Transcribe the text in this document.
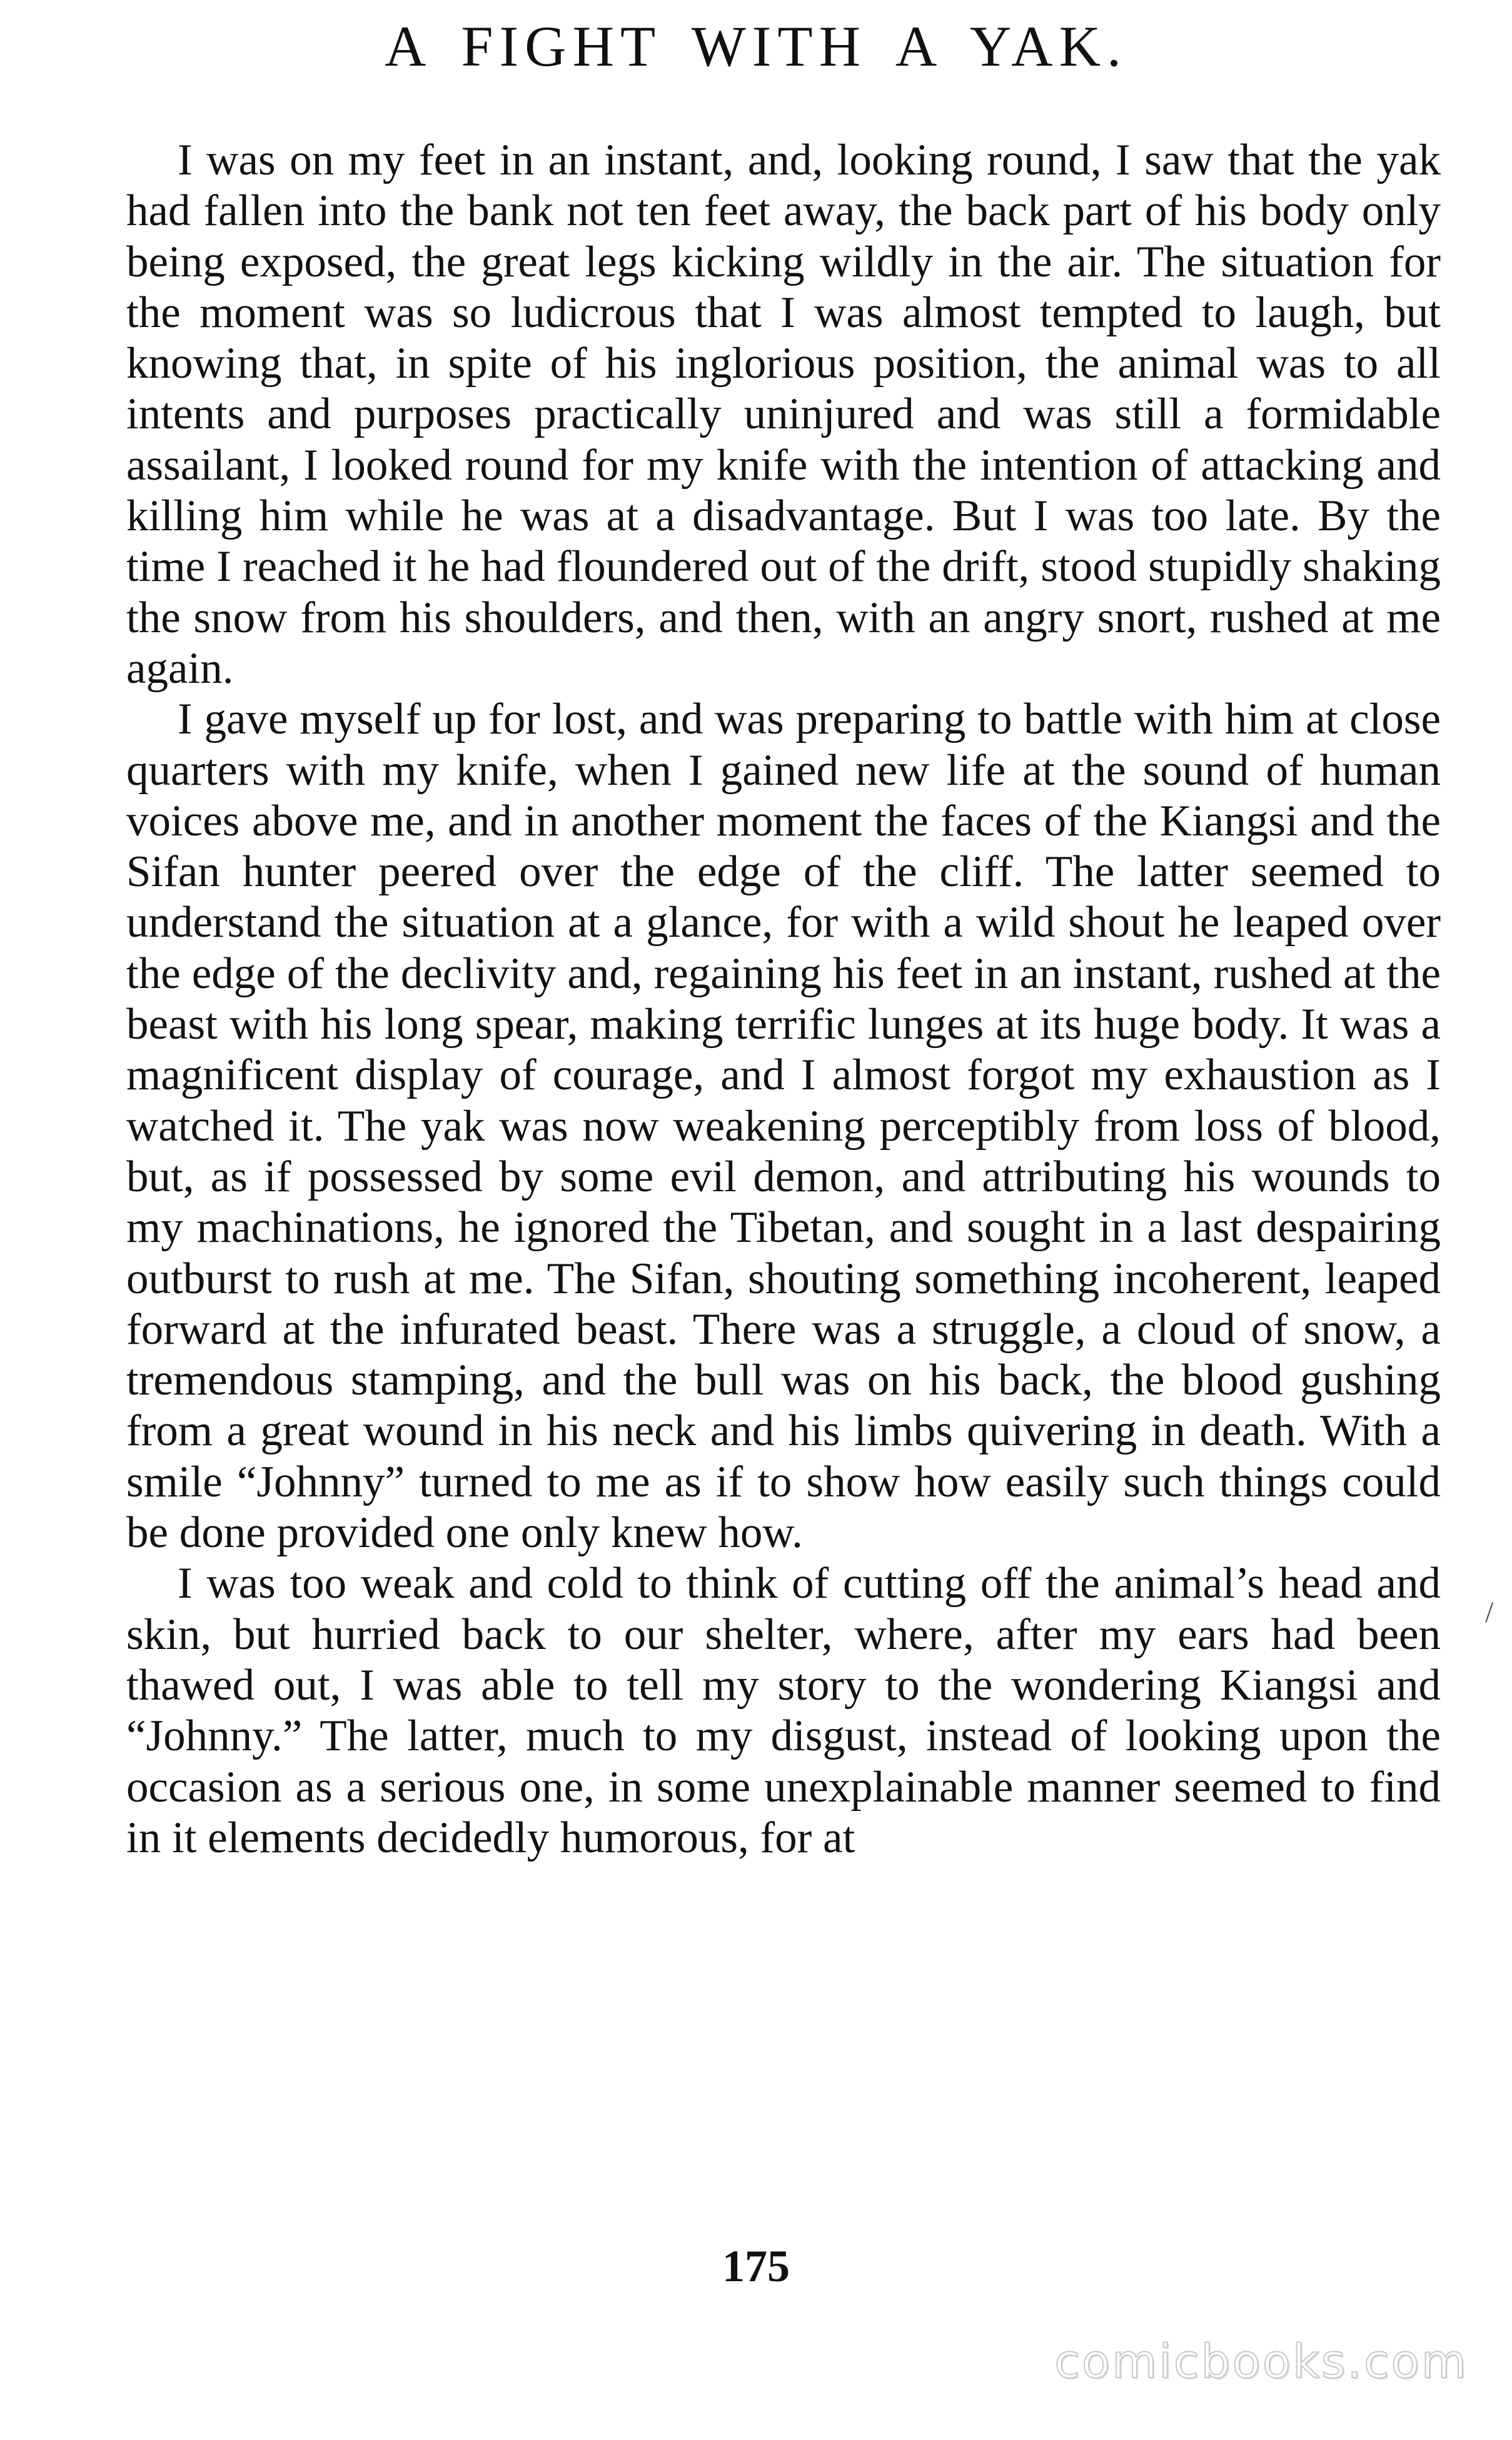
A FIGHT WITH A YAK.

I was on my feet in an instant, and, looking round, I saw that the yak had fallen into the bank not ten feet away, the back part of his body only being exposed, the great legs kicking wildly in the air. The situation for the moment was so ludicrous that I was almost tempted to laugh, but knowing that, in spite of his inglorious position, the animal was to all intents and purposes practically uninjured and was still a formidable assailant, I looked round for my knife with the intention of attacking and killing him while he was at a disadvantage. But I was too late. By the time I reached it he had floundered out of the drift, stood stupidly shaking the snow from his shoulders, and then, with an angry snort, rushed at me again.

I gave myself up for lost, and was preparing to battle with him at close quarters with my knife, when I gained new life at the sound of human voices above me, and in another moment the faces of the Kiangsi and the Sifan hunter peered over the edge of the cliff. The latter seemed to understand the situation at a glance, for with a wild shout he leaped over the edge of the declivity and, regaining his feet in an instant, rushed at the beast with his long spear, making terrific lunges at its huge body. It was a magnificent display of courage, and I almost forgot my exhaustion as I watched it. The yak was now weakening perceptibly from loss of blood, but, as if possessed by some evil demon, and attributing his wounds to my machinations, he ignored the Tibetan, and sought in a last despairing outburst to rush at me. The Sifan, shouting something incoherent, leaped forward at the infurated beast. There was a struggle, a cloud of snow, a tremendous stamping, and the bull was on his back, the blood gushing from a great wound in his neck and his limbs quivering in death. With a smile “Johnny” turned to me as if to show how easily such things could be done provided one only knew how.

I was too weak and cold to think of cutting off the animal’s head and skin, but hurried back to our shelter, where, after my ears had been thawed out, I was able to tell my story to the wondering Kiangsi and “Johnny.” The latter, much to my disgust, instead of looking upon the occasion as a serious one, in some unexplainable manner seemed to find in it elements decidedly humorous, for at

/
175
comicbooks.com
